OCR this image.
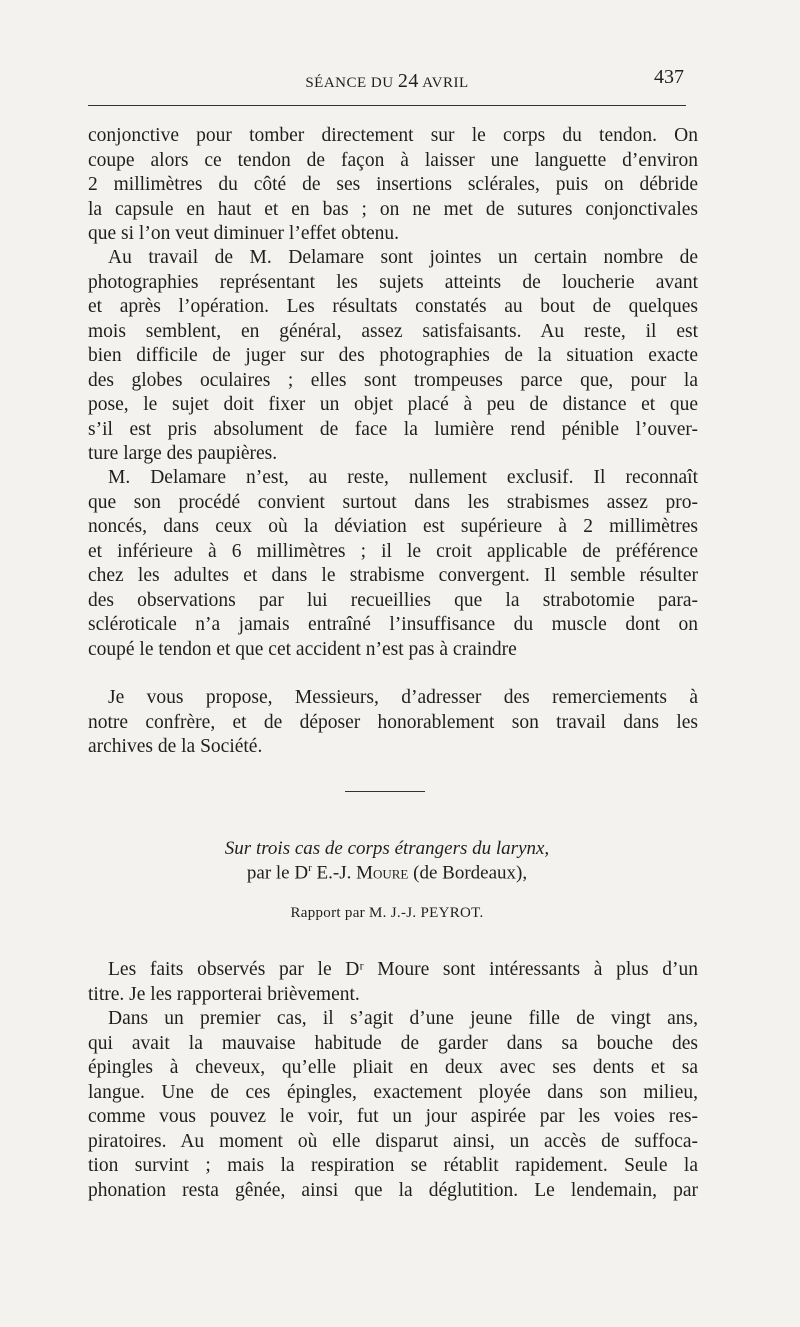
SÉANCE DU 24 AVRIL	437
conjonctive pour tomber directement sur le corps du tendon. On
coupe alors ce tendon de façon à laisser une languette d’environ
2 millimètres du côté de ses insertions sclérales, puis on débride
la capsule en haut et en bas ; on ne met de sutures conjonctivales
que si l’on veut diminuer l’effet obtenu.
Au travail de M. Delamare sont jointes un certain nombre de
photographies représentant les sujets atteints de loucherie avant
et après l’opération. Les résultats constatés au bout de quelques
mois semblent, en général, assez satisfaisants. Au reste, il est
bien difficile de juger sur des photographies de la situation exacte
des globes oculaires ; elles sont trompeuses parce que, pour la
pose, le sujet doit fixer un objet placé à peu de distance et que
s’il est pris absolument de face la lumière rend pénible l’ouver-
ture large des paupières.
M. Delamare n’est, au reste, nullement exclusif. Il reconnaît
que son procédé convient surtout dans les strabismes assez pro-
noncés, dans ceux où la déviation est supérieure à 2 millimètres
et inférieure à 6 millimètres ; il le croit applicable de préférence
chez les adultes et dans le strabisme convergent. Il semble résulter
des observations par lui recueillies que la strabotomie para-
scléroticale n’a jamais entraîné l’insuffisance du muscle dont on
coupé le tendon et que cet accident n’est pas à craindre
Je vous propose, Messieurs, d’adresser des remerciements à
notre confrère, et de déposer honorablement son travail dans les
archives de la Société.
Sur trois cas de corps étrangers du larynx,
par le $D^r$ E.-J. Moure (de Bordeaux),
Rapport par M. J.-J. PEYROT.
Les faits observés par le Dʳ Moure sont intéressants à plus d’un
titre. Je les rapporterai brièvement.
Dans un premier cas, il s’agit d’une jeune fille de vingt ans,
qui avait la mauvaise habitude de garder dans sa bouche des
épingles à cheveux, qu’elle pliait en deux avec ses dents et sa
langue. Une de ces épingles, exactement ployée dans son milieu,
comme vous pouvez le voir, fut un jour aspirée par les voies res-
piratoires. Au moment où elle disparut ainsi, un accès de suffoca-
tion survint ; mais la respiration se rétablit rapidement. Seule la
phonation resta gênée, ainsi que la déglutition. Le lendemain, par
